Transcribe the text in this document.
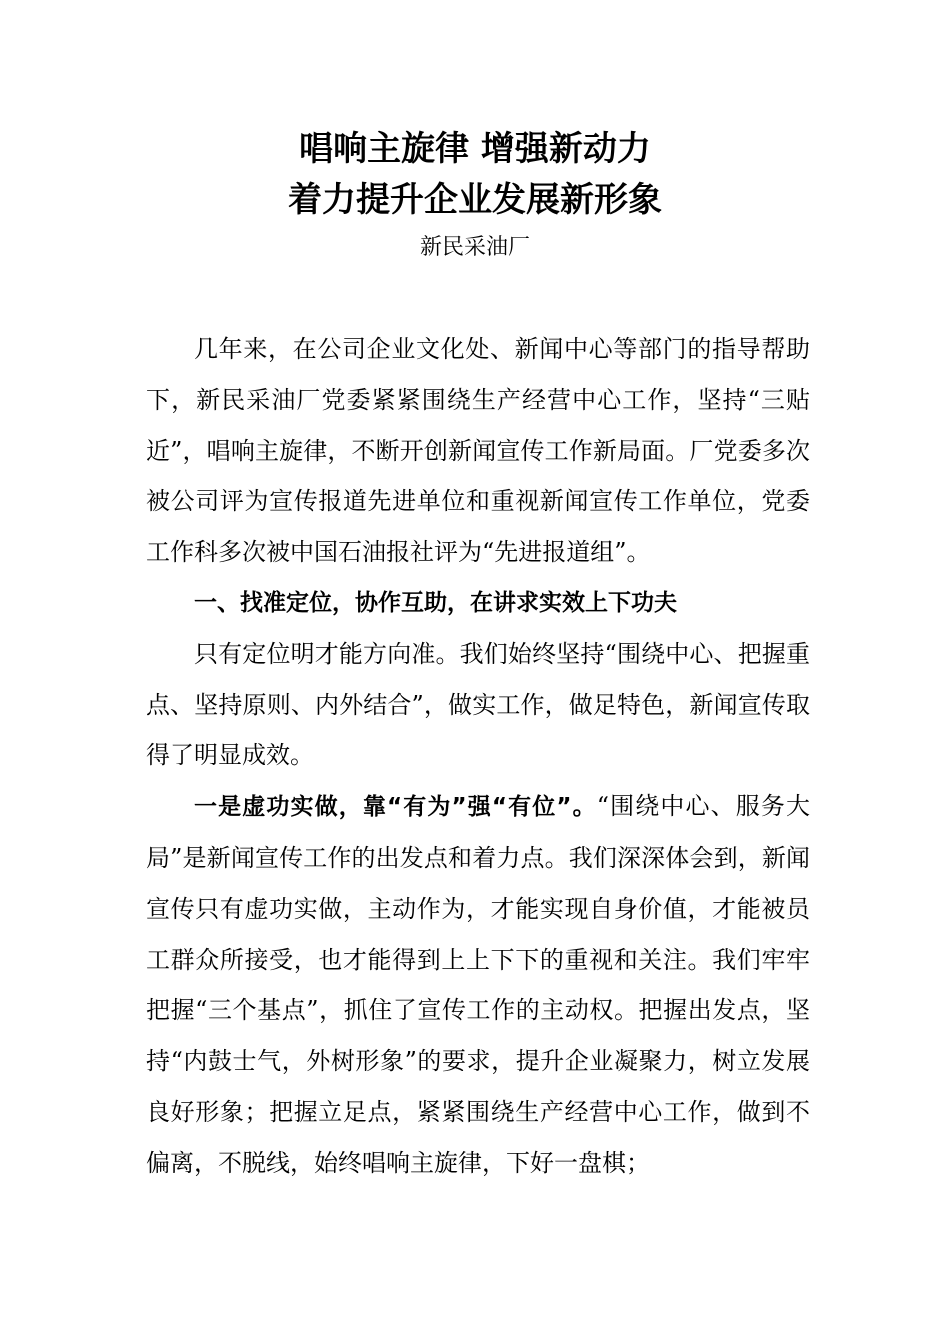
唱响主旋律 增强新动力
着力提升企业发展新形象
新民采油厂

几年来，在公司企业文化处、新闻中心等部门的指导帮助下，新民采油厂党委紧紧围绕生产经营中心工作，坚持“三贴近”，唱响主旋律，不断开创新闻宣传工作新局面。厂党委多次被公司评为宣传报道先进单位和重视新闻宣传工作单位，党委工作科多次被中国石油报社评为“先进报道组”。

一、找准定位，协作互助，在讲求实效上下功夫

只有定位明才能方向准。我们始终坚持“围绕中心、把握重点、坚持原则、内外结合”，做实工作，做足特色，新闻宣传取得了明显成效。

一是虚功实做，靠“有为”强“有位”。“围绕中心、服务大局”是新闻宣传工作的出发点和着力点。我们深深体会到，新闻宣传只有虚功实做，主动作为，才能实现自身价值，才能被员工群众所接受，也才能得到上上下下的重视和关注。我们牢牢把握“三个基点”，抓住了宣传工作的主动权。把握出发点，坚持“内鼓士气，外树形象”的要求，提升企业凝聚力，树立发展良好形象；把握立足点，紧紧围绕生产经营中心工作，做到不偏离，不脱线，始终唱响主旋律，下好一盘棋；
